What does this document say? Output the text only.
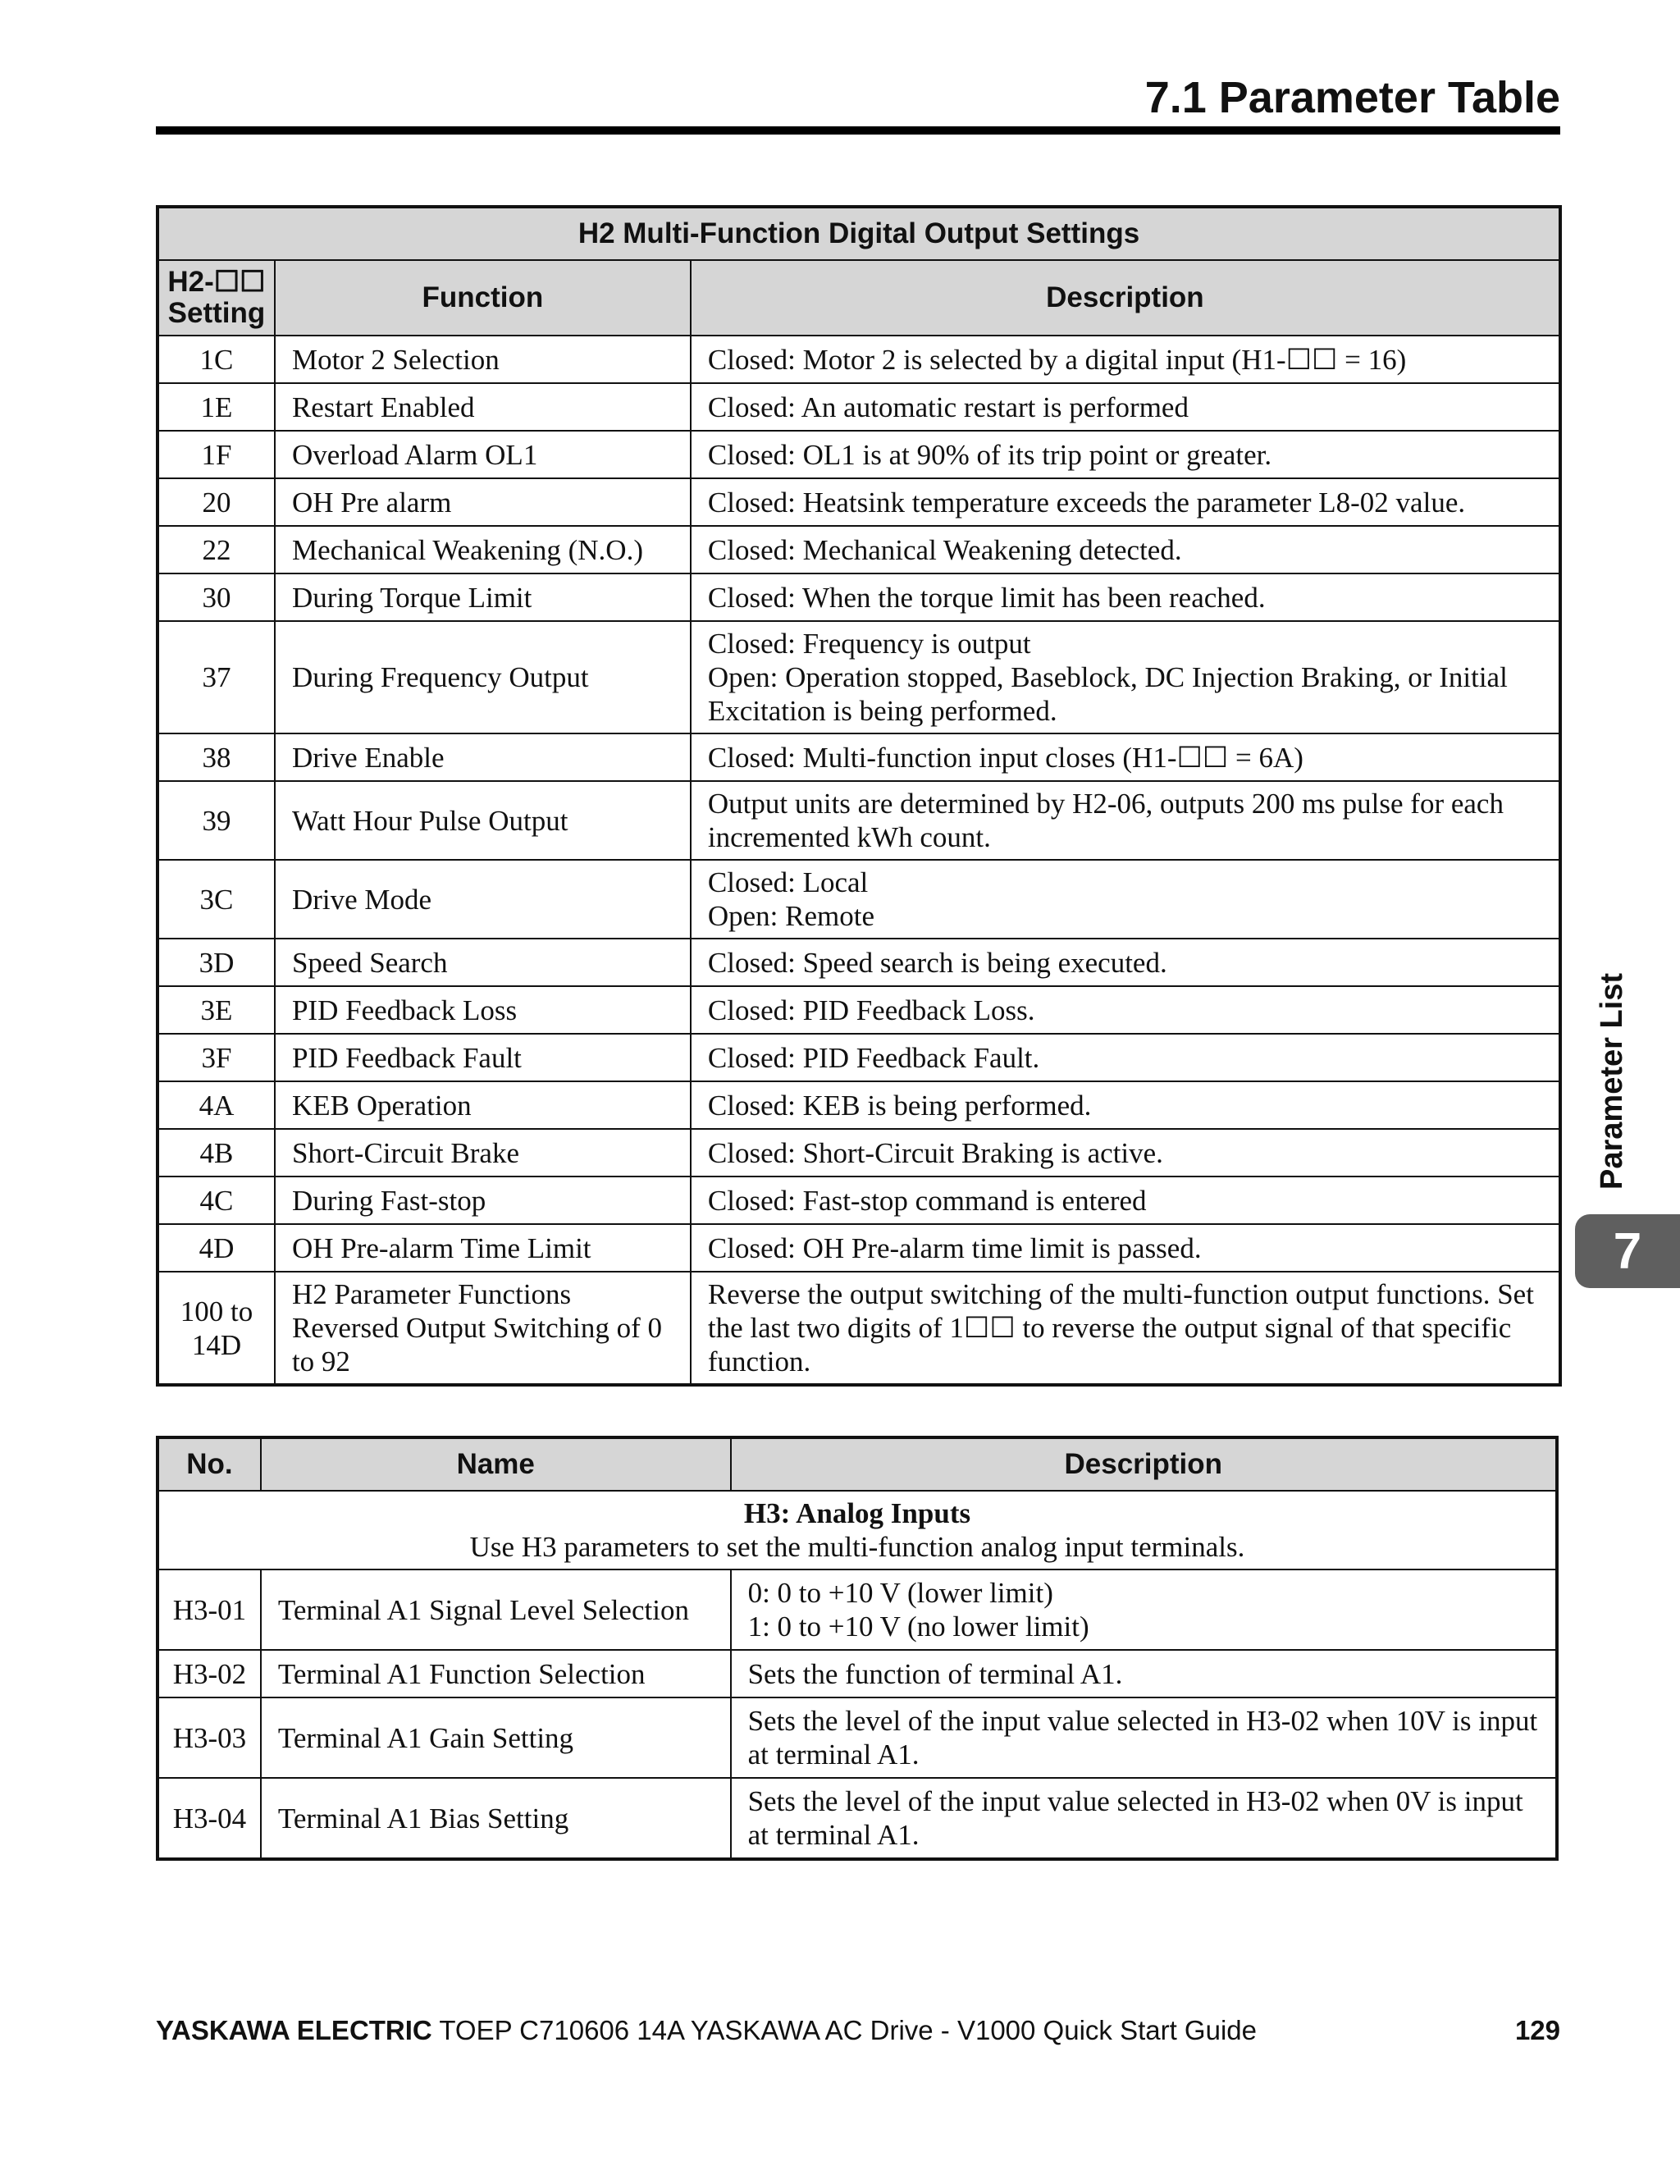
7.1 Parameter Table
H2 Multi-Function Digital Output Settings		
H2-☐☐ Setting	Function	Description
1C	Motor 2 Selection	Closed: Motor 2 is selected by a digital input (H1-☐☐ = 16)
1E	Restart Enabled	Closed: An automatic restart is performed
1F	Overload Alarm OL1	Closed: OL1 is at 90% of its trip point or greater.
20	OH Pre alarm	Closed: Heatsink temperature exceeds the parameter L8-02 value.
22	Mechanical Weakening (N.O.)	Closed: Mechanical Weakening detected.
30	During Torque Limit	Closed: When the torque limit has been reached.
37	During Frequency Output	Closed: Frequency is output
Open: Operation stopped, Baseblock, DC Injection Braking, or Initial Excitation is being performed.
38	Drive Enable	Closed: Multi-function input closes (H1-☐☐ = 6A)
39	Watt Hour Pulse Output	Output units are determined by H2-06, outputs 200 ms pulse for each incremented kWh count.
3C	Drive Mode	Closed: Local
Open: Remote
3D	Speed Search	Closed: Speed search is being executed.
3E	PID Feedback Loss	Closed: PID Feedback Loss.
3F	PID Feedback Fault	Closed: PID Feedback Fault.
4A	KEB Operation	Closed: KEB is being performed.
4B	Short-Circuit Brake	Closed: Short-Circuit Braking is active.
4C	During Fast-stop	Closed: Fast-stop command is entered
4D	OH Pre-alarm Time Limit	Closed: OH Pre-alarm time limit is passed.
100 to 14D	H2 Parameter Functions Reversed Output Switching of 0 to 92	Reverse the output switching of the multi-function output functions. Set the last two digits of 1☐☐ to reverse the output signal of that specific function.
No.	Name	Description
H3: Analog Inputs
Use H3 parameters to set the multi-function analog input terminals.		
H3-01	Terminal A1 Signal Level Selection	0: 0 to +10 V (lower limit)
1: 0 to +10 V (no lower limit)
H3-02	Terminal A1 Function Selection	Sets the function of terminal A1.
H3-03	Terminal A1 Gain Setting	Sets the level of the input value selected in H3-02 when 10V is input at terminal A1.
H3-04	Terminal A1 Bias Setting	Sets the level of the input value selected in H3-02 when 0V is input at terminal A1.
Parameter List
7
YASKAWA ELECTRIC TOEP C710606 14A YASKAWA AC Drive - V1000 Quick Start Guide	129
